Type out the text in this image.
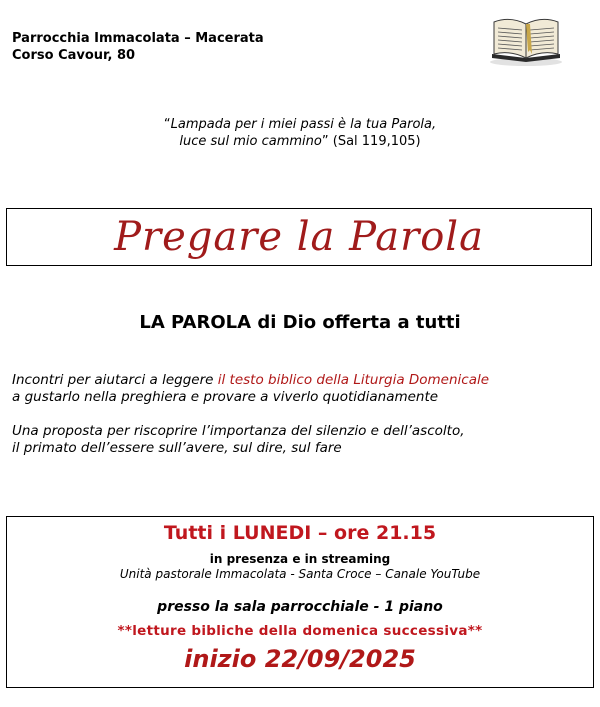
Parrocchia Immacolata – Macerata
Corso Cavour, 80
“Lampada per i miei passi è la tua Parola,
luce sul mio cammino” (Sal 119,105)
Pregare la Parola
LA PAROLA di Dio offerta a tutti
Incontri per aiutarci a leggere il testo biblico della Liturgia Domenicale
a gustarlo nella preghiera e provare a viverlo quotidianamente
Una proposta per riscoprire l’importanza del silenzio e dell’ascolto,
il primato dell’essere sull’avere, sul dire, sul fare
Tutti i LUNEDI – ore 21.15
in presenza e in streaming
Unità pastorale Immacolata - Santa Croce – Canale YouTube
presso la sala parrocchiale - 1 piano
**letture bibliche della domenica successiva**
inizio 22/09/2025
